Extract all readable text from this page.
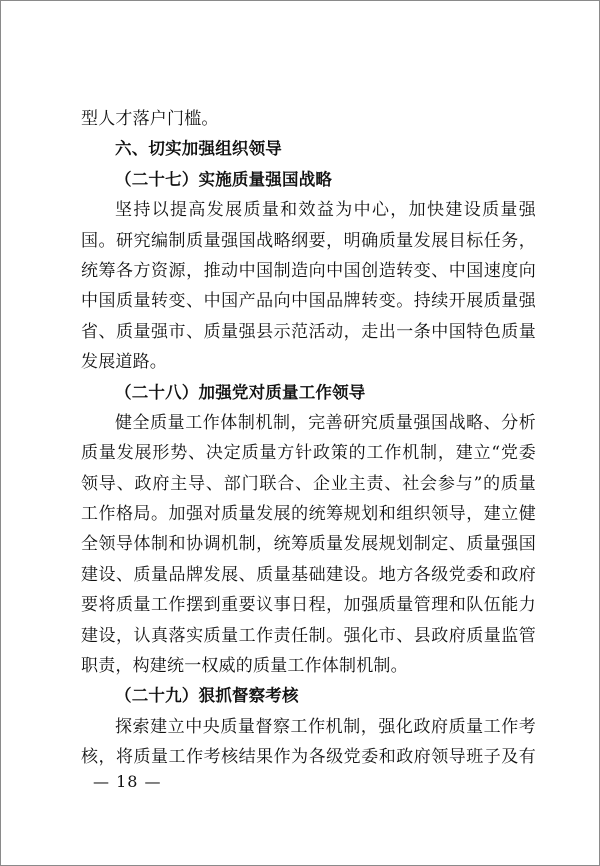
型人才落户门槛。
六、切实加强组织领导
（二十七）实施质量强国战略
坚持以提高发展质量和效益为中心，加快建设质量强
国。研究编制质量强国战略纲要，明确质量发展目标任务，
统筹各方资源，推动中国制造向中国创造转变、中国速度向
中国质量转变、中国产品向中国品牌转变。持续开展质量强
省、质量强市、质量强县示范活动，走出一条中国特色质量
发展道路。
（二十八）加强党对质量工作领导
健全质量工作体制机制，完善研究质量强国战略、分析
质量发展形势、决定质量方针政策的工作机制，建立“党委
领导、政府主导、部门联合、企业主责、社会参与”的质量
工作格局。加强对质量发展的统筹规划和组织领导，建立健
全领导体制和协调机制，统筹质量发展规划制定、质量强国
建设、质量品牌发展、质量基础建设。地方各级党委和政府
要将质量工作摆到重要议事日程，加强质量管理和队伍能力
建设，认真落实质量工作责任制。强化市、县政府质量监管
职责，构建统一权威的质量工作体制机制。
（二十九）狠抓督察考核
探索建立中央质量督察工作机制，强化政府质量工作考
核，将质量工作考核结果作为各级党委和政府领导班子及有
— 18 —
